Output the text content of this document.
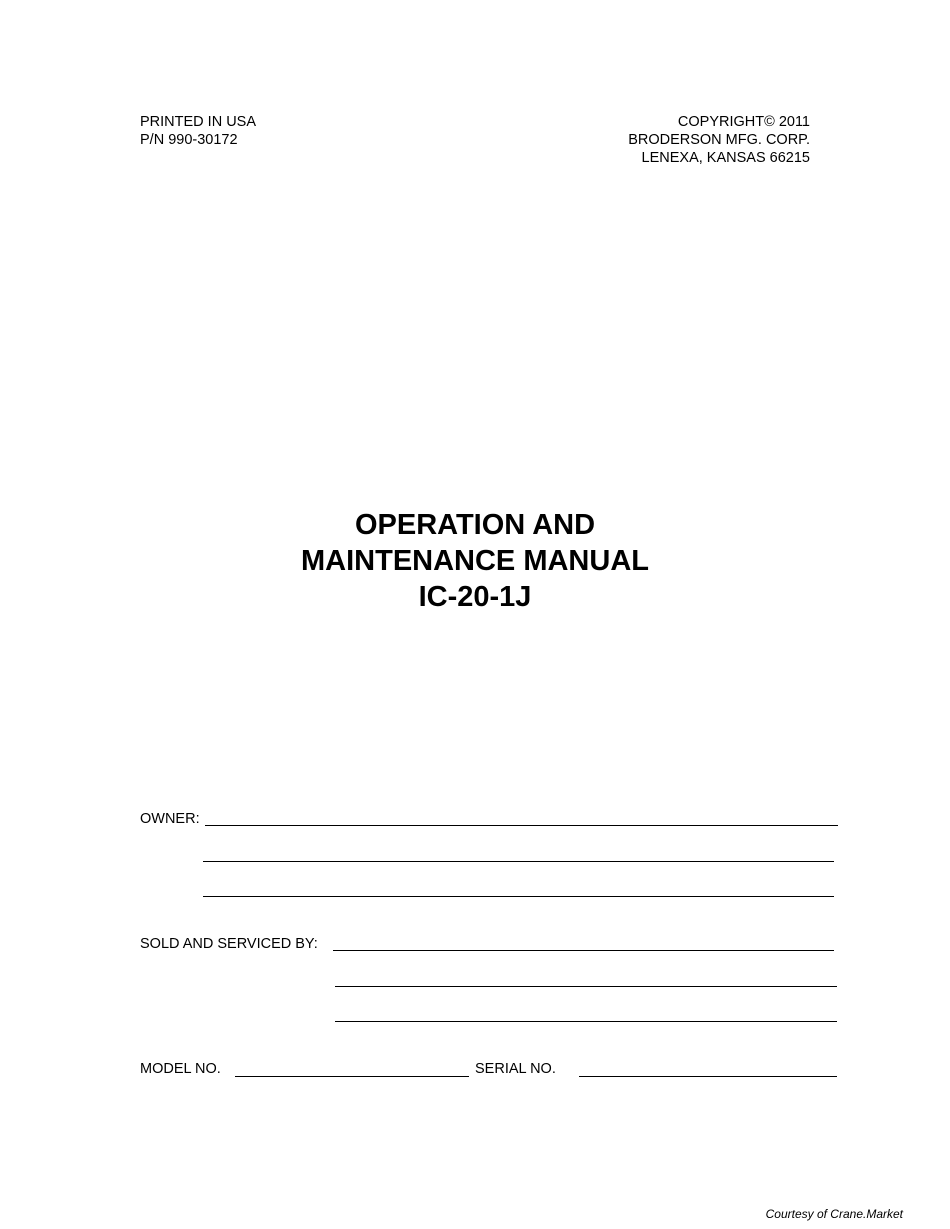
PRINTED IN USA
P/N 990-30172
COPYRIGHT© 2011
BRODERSON MFG. CORP.
LENEXA, KANSAS 66215
OPERATION AND
MAINTENANCE MANUAL
IC-20-1J
OWNER:
SOLD AND SERVICED BY:
MODEL NO.	SERIAL NO.
Courtesy of Crane.Market
